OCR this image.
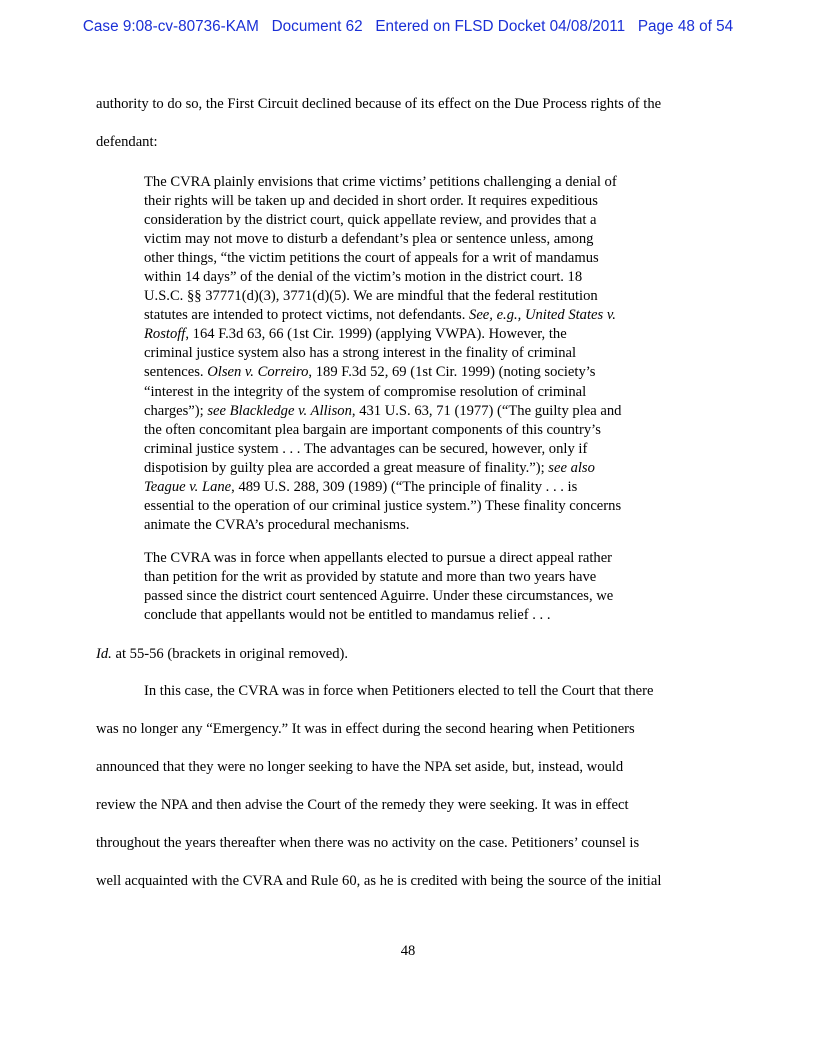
Case 9:08-cv-80736-KAM Document 62 Entered on FLSD Docket 04/08/2011 Page 48 of 54
authority to do so, the First Circuit declined because of its effect on the Due Process rights of the
defendant:

The CVRA plainly envisions that crime victims’ petitions challenging a denial of

their rights will be taken up and decided in short order. It requires expeditious

consideration by the district court, quick appellate review, and provides that a

victim may not move to disturb a defendant’s plea or sentence unless, among

other things, “the victim petitions the court of appeals for a writ of mandamus

within 14 days” of the denial of the victim’s motion in the district court. 18

U.S.C. §§ 37771(d)(3), 3771(d)(5). We are mindful that the federal restitution

statutes are intended to protect victims, not defendants. See, e.g., United States v.

Rostoff, 164 F.3d 63, 66 (1st Cir. 1999) (applying VWPA). However, the

criminal justice system also has a strong interest in the finality of criminal

sentences. Olsen v. Correiro, 189 F.3d 52, 69 (1st Cir. 1999) (noting society’s

“interest in the integrity of the system of compromise resolution of criminal

charges”); see Blackledge v. Allison, 431 U.S. 63, 71 (1977) (“The guilty plea and

the often concomitant plea bargain are important components of this country’s

criminal justice system . . . The advantages can be secured, however, only if

dispotision by guilty plea are accorded a great measure of finality.”); see also

Teague v. Lane, 489 U.S. 288, 309 (1989) (“The principle of finality . . . is

essential to the operation of our criminal justice system.”) These finality concerns

animate the CVRA’s procedural mechanisms.

The CVRA was in force when appellants elected to pursue a direct appeal rather

than petition for the writ as provided by statute and more than two years have

passed since the district court sentenced Aguirre. Under these circumstances, we

conclude that appellants would not be entitled to mandamus relief . . .

Id. at 55-56 (brackets in original removed).
In this case, the CVRA was in force when Petitioners elected to tell the Court that there
was no longer any “Emergency.” It was in effect during the second hearing when Petitioners
announced that they were no longer seeking to have the NPA set aside, but, instead, would
review the NPA and then advise the Court of the remedy they were seeking. It was in effect
throughout the years thereafter when there was no activity on the case. Petitioners’ counsel is
well acquainted with the CVRA and Rule 60, as he is credited with being the source of the initial
48
